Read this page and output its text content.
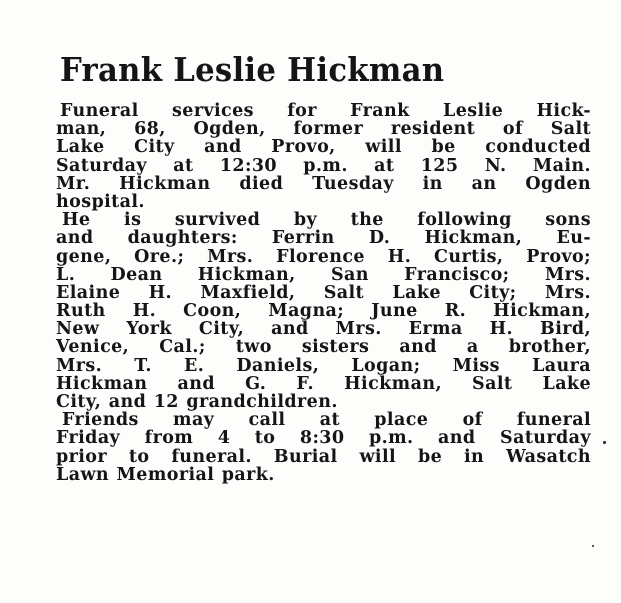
Frank Leslie Hickman
Funeral services for Frank Leslie Hick-
man, 68, Ogden, former resident of Salt
Lake City and Provo, will be conducted
Saturday at 12:30 p.m. at 125 N. Main.
Mr. Hickman died Tuesday in an Ogden
hospital.
He is survived by the following sons
and daughters: Ferrin D. Hickman, Eu-
gene, Ore.; Mrs. Florence H. Curtis, Provo;
L. Dean Hickman, San Francisco; Mrs.
Elaine H. Maxfield, Salt Lake City; Mrs.
Ruth H. Coon, Magna; June R. Hickman,
New York City, and Mrs. Erma H. Bird,
Venice, Cal.; two sisters and a brother,
Mrs. T. E. Daniels, Logan; Miss Laura
Hickman and G. F. Hickman, Salt Lake
City, and 12 grandchildren.
Friends may call at place of funeral
Friday from 4 to 8:30 p.m. and Saturday
prior to funeral. Burial will be in Wasatch
Lawn Memorial park.
